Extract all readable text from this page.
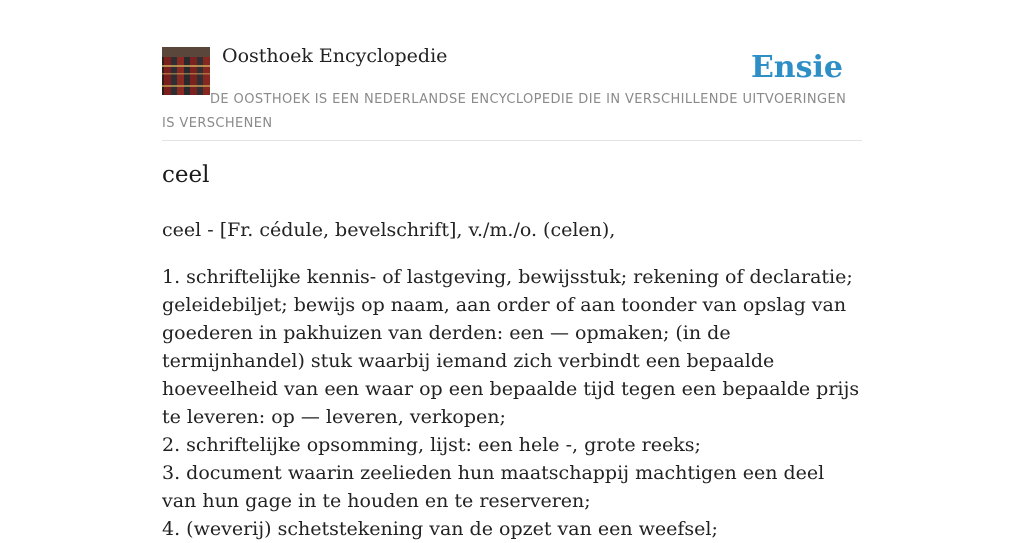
Oosthoek Encyclopedie	Ensie
DE OOSTHOEK IS EEN NEDERLANDSE ENCYCLOPEDIE DIE IN VERSCHILLENDE UITVOERINGEN IS VERSCHENEN
ceel

ceel - [Fr. cédule, bevelschrift], v./m./o. (celen),

1. schriftelijke kennis- of lastgeving, bewijsstuk; rekening of declaratie; geleidebiljet; bewijs op naam, aan order of aan toonder van opslag van goederen in pakhuizen van derden: een — opmaken; (in de termijnhandel) stuk waarbij iemand zich verbindt een bepaalde hoeveelheid van een waar op een bepaalde tijd tegen een bepaalde prijs te leveren: op — leveren, verkopen;
2. schriftelijke opsomming, lijst: een hele -, grote reeks;
3. document waarin zeelieden hun maatschappij machtigen een deel van hun gage in te houden en te reserveren;
4. (weverij) schetstekening van de opzet van een weefsel;
